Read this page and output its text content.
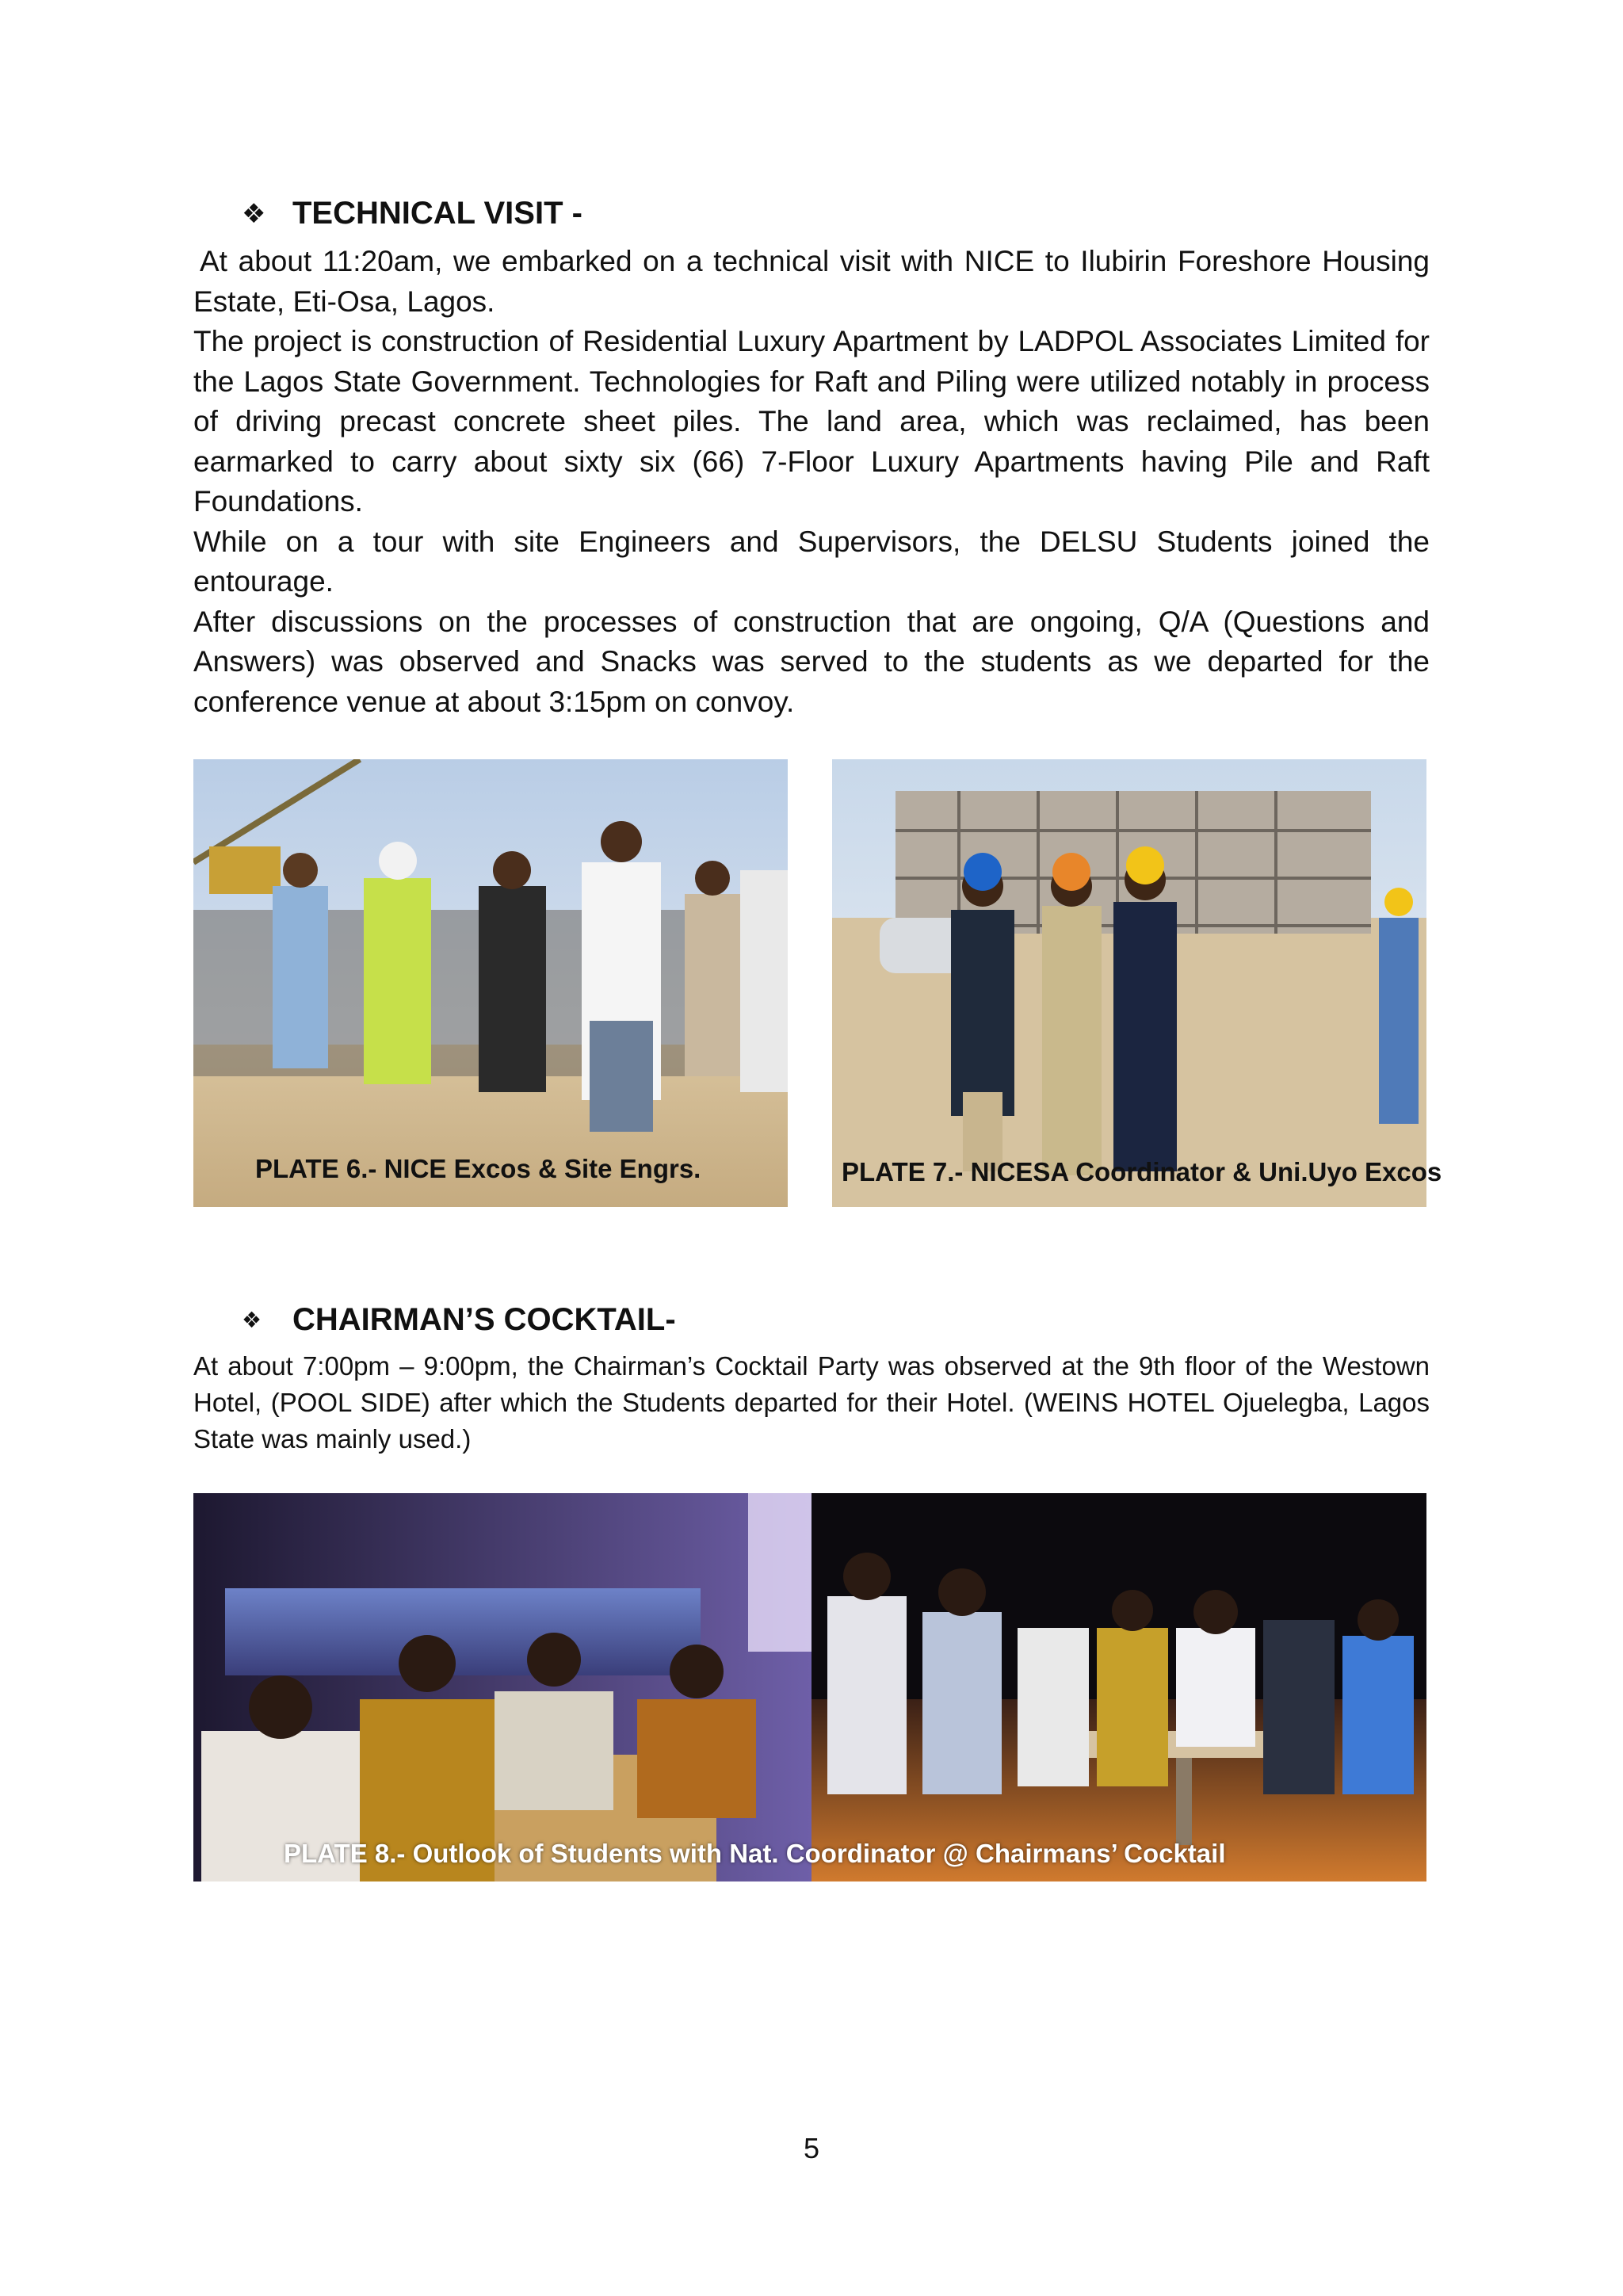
❖ TECHNICAL VISIT -

At about 11:20am, we embarked on a technical visit with NICE to Ilubirin Foreshore Housing Estate, Eti-Osa, Lagos.

The project is construction of Residential Luxury Apartment by LADPOL Associates Limited for the Lagos State Government. Technologies for Raft and Piling were utilized notably in process of driving precast concrete sheet piles. The land area, which was reclaimed, has been earmarked to carry about sixty six (66) 7-Floor Luxury Apartments having Pile and Raft Foundations.

While on a tour with site Engineers and Supervisors, the DELSU Students joined the entourage.

After discussions on the processes of construction that are ongoing, Q/A (Questions and Answers) was observed and Snacks was served to the students as we departed for the conference venue at about 3:15pm on convoy.

PLATE 6.- NICE Excos & Site Engrs.	PLATE 7.- NICESA Coordinator & Uni.Uyo Excos
❖ CHAIRMAN’S COCKTAIL-

At about 7:00pm – 9:00pm, the Chairman’s Cocktail Party was observed at the 9th floor of the Westown Hotel, (POOL SIDE) after which the Students departed for their Hotel. (WEINS HOTEL Ojuelegba, Lagos State was mainly used.)

PLATE 8.- Outlook of Students with Nat. Coordinator @ Chairmans’ Cocktail
5
